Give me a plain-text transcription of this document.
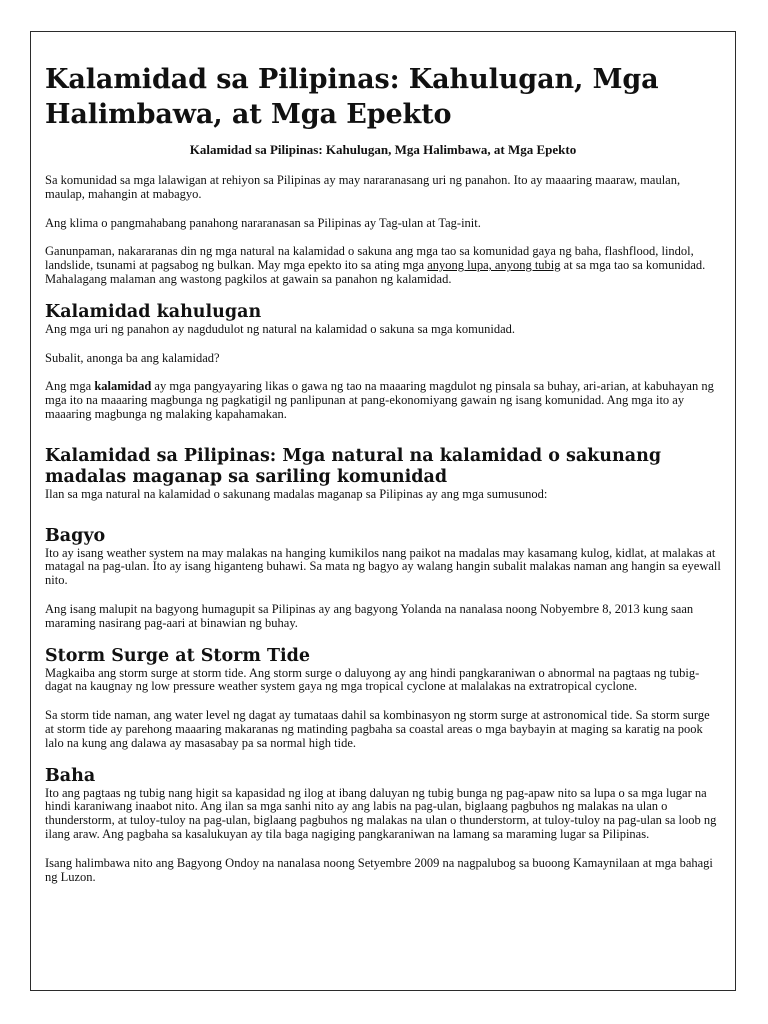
Kalamidad sa Pilipinas: Kahulugan, Mga Halimbawa, at Mga Epekto
Kalamidad sa Pilipinas: Kahulugan, Mga Halimbawa, at Mga Epekto

Sa komunidad sa mga lalawigan at rehiyon sa Pilipinas ay may nararanasang uri ng panahon. Ito ay maaaring maaraw, maulan, maulap, mahangin at mabagyo.

Ang klima o pangmahabang panahong nararanasan sa Pilipinas ay Tag-ulan at Tag-init.

Ganunpaman, nakararanas din ng mga natural na kalamidad o sakuna ang mga tao sa komunidad gaya ng baha, flashflood, lindol, landslide, tsunami at pagsabog ng bulkan. May mga epekto ito sa ating mga anyong lupa, anyong tubig at sa mga tao sa komunidad.

Mahalagang malaman ang wastong pagkilos at gawain sa panahon ng kalamidad.

Kalamidad kahulugan

Ang mga uri ng panahon ay nagdudulot ng natural na kalamidad o sakuna sa mga komunidad.

Subalit, anonga ba ang kalamidad?

Ang mga kalamidad ay mga pangyayaring likas o gawa ng tao na maaaring magdulot ng pinsala sa buhay, ari-arian, at kabuhayan ng mga ito na maaaring magbunga ng pagkatigil ng panlipunan at pang-ekonomiyang gawain ng isang komunidad. Ang mga ito ay maaaring magbunga ng malaking kapahamakan.

Kalamidad sa Pilipinas: Mga natural na kalamidad o sakunang madalas maganap sa sariling komunidad

Ilan sa mga natural na kalamidad o sakunang madalas maganap sa Pilipinas ay ang mga sumusunod:

Bagyo

Ito ay isang weather system na may malakas na hanging kumikilos nang paikot na madalas may kasamang kulog, kidlat, at malakas at matagal na pag-ulan. Ito ay isang higanteng buhawi. Sa mata ng bagyo ay walang hangin subalit malakas naman ang hangin sa eyewall nito.

Ang isang malupit na bagyong humagupit sa Pilipinas ay ang bagyong Yolanda na nanalasa noong Nobyembre 8, 2013 kung saan maraming nasirang pag-aari at binawian ng buhay.

Storm Surge at Storm Tide

Magkaiba ang storm surge at storm tide. Ang storm surge o daluyong ay ang hindi pangkaraniwan o abnormal na pagtaas ng tubig-dagat na kaugnay ng low pressure weather system gaya ng mga tropical cyclone at malalakas na extratropical cyclone.

Sa storm tide naman, ang water level ng dagat ay tumataas dahil sa kombinasyon ng storm surge at astronomical tide. Sa storm surge at storm tide ay parehong maaaring makaranas ng matinding pagbaha sa coastal areas o mga baybayin at maging sa karatig na pook lalo na kung ang dalawa ay masasabay pa sa normal high tide.

Baha

Ito ang pagtaas ng tubig nang higit sa kapasidad ng ilog at ibang daluyan ng tubig bunga ng pag-apaw nito sa lupa o sa mga lugar na hindi karaniwang inaabot nito. Ang ilan sa mga sanhi nito ay ang labis na pag-ulan, biglaang pagbuhos ng malakas na ulan o thunderstorm, at tuloy-tuloy na pag-ulan, biglaang pagbuhos ng malakas na ulan o thunderstorm, at tuloy-tuloy na pag-ulan sa loob ng ilang araw. Ang pagbaha sa kasalukuyan ay tila baga nagiging pangkaraniwan na lamang sa maraming lugar sa Pilipinas.

Isang halimbawa nito ang Bagyong Ondoy na nanalasa noong Setyembre 2009 na nagpalubog sa buoong Kamaynilaan at mga bahagi ng Luzon.
